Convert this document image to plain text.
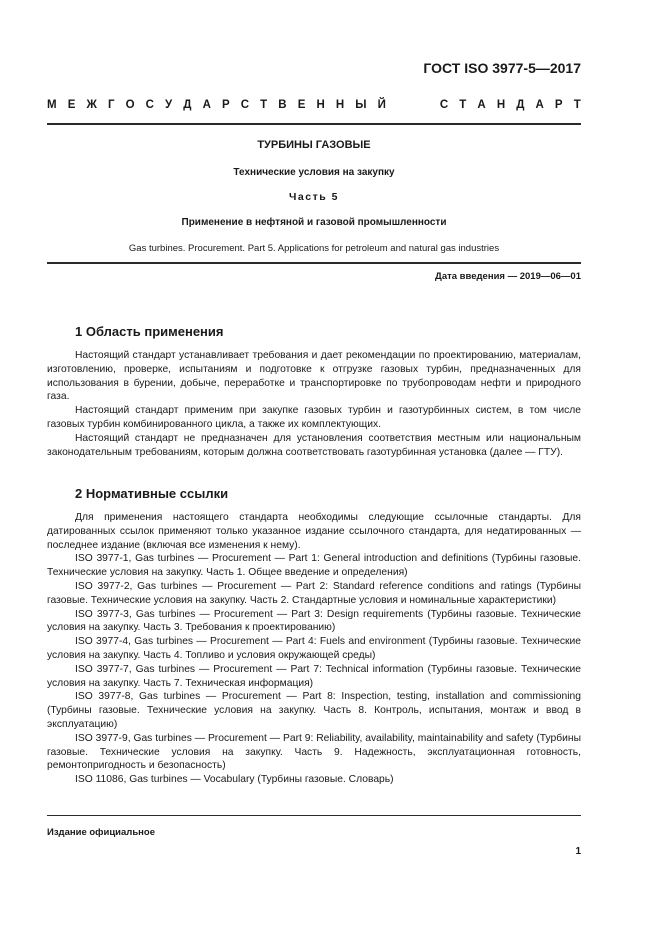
ГОСТ ISO 3977-5—2017
М Е Ж Г О С У Д А Р С Т В Е Н Н Ы Й

	С Т А Н Д А Р Т
ТУРБИНЫ ГАЗОВЫЕ
Технические условия на закупку
Часть 5
Применение в нефтяной и газовой промышленности
Gas turbines. Procurement. Part 5. Applications for petroleum and natural gas industries
Дата введения — 2019—06—01
1 Область применения

Настоящий стандарт устанавливает требования и дает рекомендации по проектированию, материалам, изготовлению, проверке, испытаниям и подготовке к отгрузке газовых турбин, предназначенных для использования в бурении, добыче, переработке и транспортировке по трубопроводам нефти и природного газа.

Настоящий стандарт применим при закупке газовых турбин и газотурбинных систем, в том числе газовых турбин комбинированного цикла, а также их комплектующих.

Настоящий стандарт не предназначен для установления соответствия местным или национальным законодательным требованиям, которым должна соответствовать газотурбинная установка (далее — ГТУ).

2 Нормативные ссылки

Для применения настоящего стандарта необходимы следующие ссылочные стандарты. Для датированных ссылок применяют только указанное издание ссылочного стандарта, для недатированных — последнее издание (включая все изменения к нему).

ISO 3977-1, Gas turbines — Procurement — Part 1: General introduction and definitions (Турбины газовые. Технические условия на закупку. Часть 1. Общее введение и определения)

ISO 3977-2, Gas turbines — Procurement — Part 2: Standard reference conditions and ratings (Турбины газовые. Технические условия на закупку. Часть 2. Стандартные условия и номинальные характеристики)

ISO 3977-3, Gas turbines — Procurement — Part 3: Design requirements (Турбины газовые. Технические условия на закупку. Часть 3. Требования к проектированию)

ISO 3977-4, Gas turbines — Procurement — Part 4: Fuels and environment (Турбины газовые. Технические условия на закупку. Часть 4. Топливо и условия окружающей среды)

ISO 3977-7, Gas turbines — Procurement — Part 7: Technical information (Турбины газовые. Технические условия на закупку. Часть 7. Техническая информация)

ISO 3977-8, Gas turbines — Procurement — Part 8: Inspection, testing, installation and commissioning (Турбины газовые. Технические условия на закупку. Часть 8. Контроль, испытания, монтаж и ввод в эксплуатацию)

ISO 3977-9, Gas turbines — Procurement — Part 9: Reliability, availability, maintainability and safety (Турбины газовые. Технические условия на закупку. Часть 9. Надежность, эксплуатационная готовность, ремонтопригодность и безопасность)

ISO 11086, Gas turbines — Vocabulary (Турбины газовые. Словарь)

Издание официальное
1
